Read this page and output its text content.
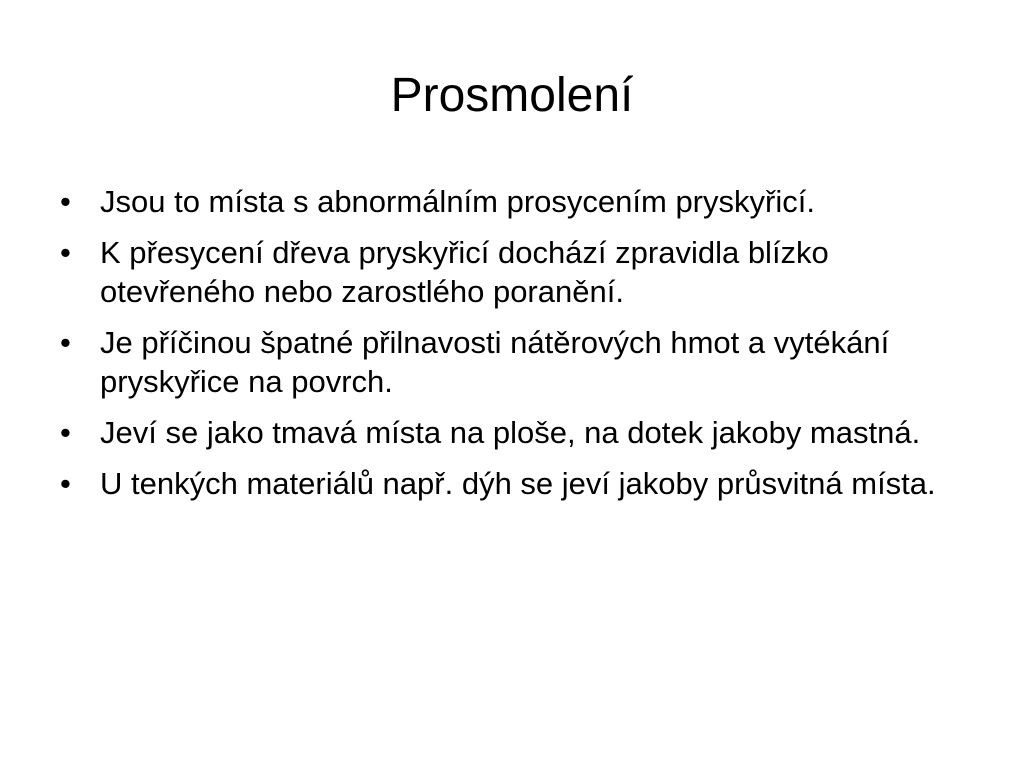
Prosmolení
• Jsou to místa s abnormálním prosycením pryskyřicí.
• K přesycení dřeva pryskyřicí dochází zpravidla blízko otevřeného nebo zarostlého poranění.
• Je příčinou špatné přilnavosti nátěrových hmot a vytékání pryskyřice na povrch.
• Jeví se jako tmavá místa na ploše, na dotek jakoby mastná.
• U tenkých materiálů např. dýh se jeví jakoby průsvitná místa.
